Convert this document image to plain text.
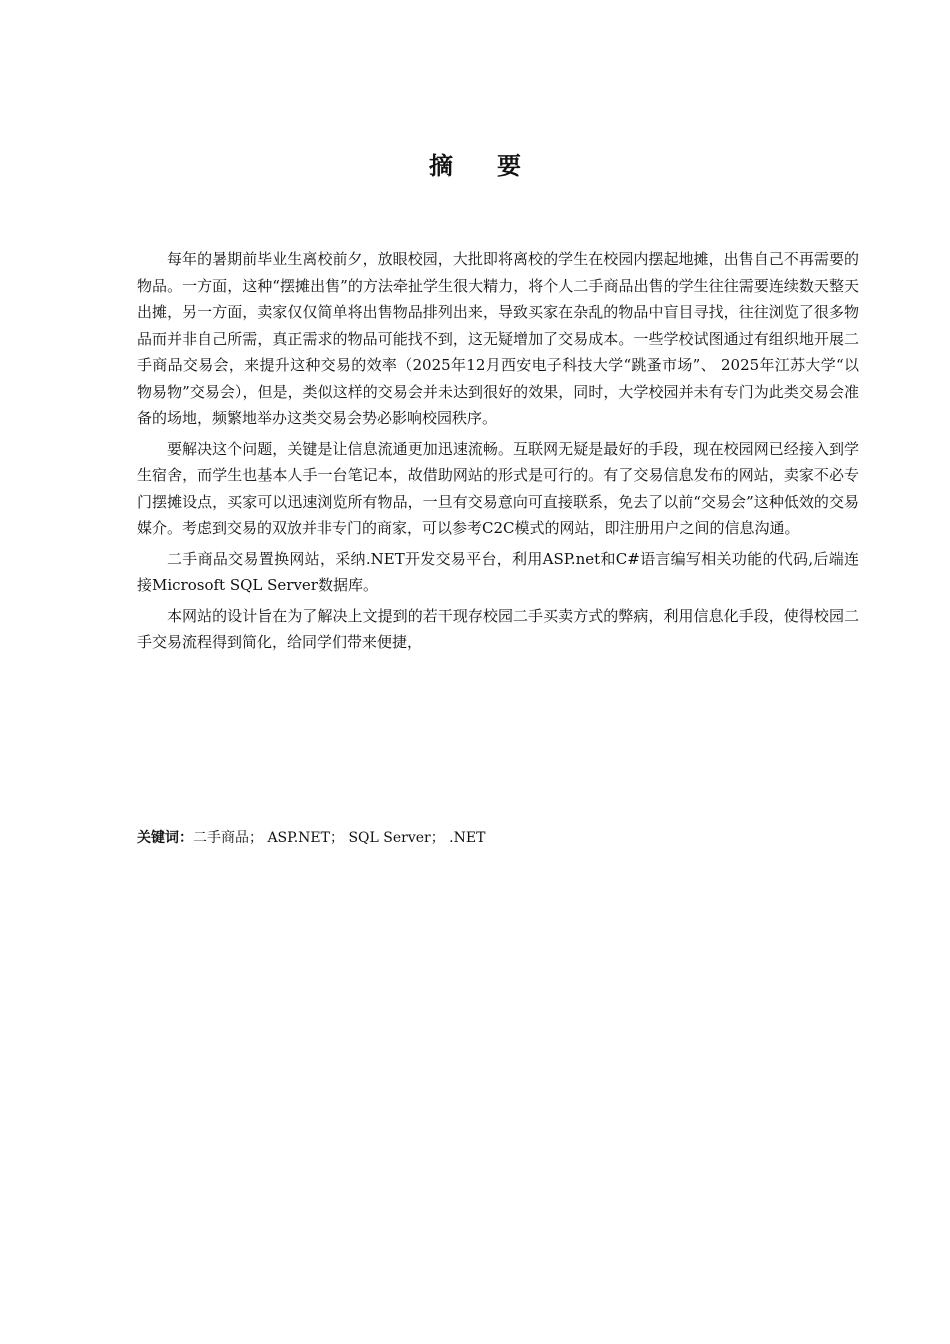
摘 要

每年的暑期前毕业生离校前夕，放眼校园，大批即将离校的学生在校园内摆起地摊，出售自己不再需要的物品。一方面，这种“摆摊出售”的方法牵扯学生很大精力，将个人二手商品出售的学生往往需要连续数天整天出摊，另一方面，卖家仅仅简单将出售物品排列出来，导致买家在杂乱的物品中盲目寻找，往往浏览了很多物品而并非自己所需，真正需求的物品可能找不到，这无疑增加了交易成本。一些学校试图通过有组织地开展二手商品交易会，来提升这种交易的效率（2025年12月西安电子科技大学“跳蚤市场”、 2025年江苏大学“以物易物”交易会），但是，类似这样的交易会并未达到很好的效果，同时，大学校园并未有专门为此类交易会准备的场地，频繁地举办这类交易会势必影响校园秩序。

要解决这个问题，关键是让信息流通更加迅速流畅。互联网无疑是最好的手段，现在校园网已经接入到学生宿舍，而学生也基本人手一台笔记本，故借助网站的形式是可行的。有了交易信息发布的网站，卖家不必专门摆摊设点，买家可以迅速浏览所有物品，一旦有交易意向可直接联系，免去了以前“交易会”这种低效的交易媒介。考虑到交易的双放并非专门的商家，可以参考C2C模式的网站，即注册用户之间的信息沟通。

二手商品交易置换网站，采纳.NET开发交易平台，利用ASP.net和C#语言编写相关功能的代码,后端连接Microsoft SQL Server数据库。

本网站的设计旨在为了解决上文提到的若干现存校园二手买卖方式的弊病，利用信息化手段，使得校园二手交易流程得到简化，给同学们带来便捷，

关键词：二手商品； ASP.NET； SQL Server； .NET
